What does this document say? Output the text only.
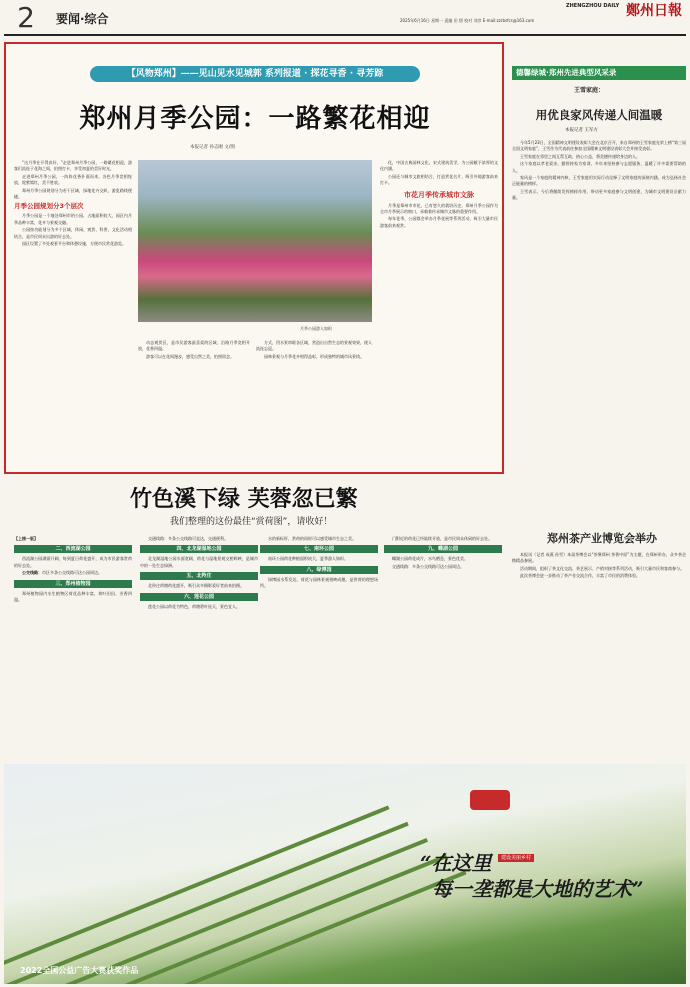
2	要闻·综合
ZHENGZHOU DAILY 鄭州日報
2025年6月16日 星期一 责编 田 甜 校对 刘彦 E-mail:zzrbsfcs@163.com
【风物郑州】——见山见水见城郭 系列报道 · 探花寻香 · 寻芳踪
郑州月季公园：一路繁花相迎
本报记者 孙志刚 文/图

“这月季在开得真好，”走进郑州月季公园，一路繁花相迎，游客们流连于花海之间，拍照打卡，享受初夏的美好时光。

走进郑州月季公园，一阵阵花香扑面而来，各色月季竞相绽放，姹紫嫣红，美不胜收。

郑州月季公园规划分为若干区域，绿地花卉交织，游览路线便捷。

月季公园规划分3个层次

月季公园是一个地处郑州市的公园，占地面积较大，园区内月季品种丰富，花卉与景观交融。

公园按功能划分为多个区域，休闲、观赏、科普、文化活动相结合，是市民周末出游的好去处。

园区设置了多处观景平台和休憩设施，方便市民赏花游览。

月季公园游人如织

动态观赏区，是市民游客最喜爱的区域，沿路月季竞相开放，花香四溢。

游客可以在花间漫步，感受自然之美，拍照留念。

方式，用水景串联各区域，营造出自然生态的景观效果，使人流连忘返。

园林景观与月季花卉相得益彰，形成独特的城市风景线。

化，中国古典园林文化、宋式建筑美学，为公园赋予浓厚的文化内涵。

公园还与城市文旅相结合，打造赏花名片，吸引外地游客前来打卡。

市花月季传承城市文脉

月季是郑州市市花，已有悠久的栽培历史。郑州月季公园作为全市月季展示的窗口，承载着传承城市文脉的重要作用。

每年花季，公园都会举办月季花展等系列活动，吸引大量市民游客前来观赏。

德馨绿城·郑州先进典型风采录
王雪家庭：
用优良家风传递人间温暖
本报记者 王军方

今年5月23日，全国精神文明建设表彰大会在北京召开，来自郑州的王雪家庭光荣上榜“第三届全国文明家庭”，王雪作为代表前往参加全国精神文明建设表彰大会并接受表彰。

王雪家庭在邻里之间互帮互助，热心公益，将美德传递给身边的人。

这个家庭以孝老爱亲、勤俭持家为家训，多年来坚持参与志愿服务，温暖了许多需要帮助的人。

家风是一个家庭的精神内核，王雪家庭用实际行动诠释了文明家庭的深刻内涵，成为弘扬社会正能量的榜样。

王雪表示，今后将继续发挥榜样作用，带动更多家庭参与文明创建，为城市文明建设贡献力量。

郑州茶产业博览会举办

本报讯（记者 成燕 孙雪）本届茶博会以“茶聚郑州 茶香中原”为主题，在郑州举办，众多茶企携精品参展。

活动期间，组织了茶文化交流、茶艺展示、产销对接等系列活动，吸引大量市民和客商参与。

此次茶博会进一步推动了茶产业交流合作，丰富了市民的消费体验。

竹色溪下绿 芙蓉忽已繁
我们整理的这份最佳“赏荷图”，请收好！

【上接一版】

二、西流湖公园

西流湖公园湖面开阔，每到夏日荷花盛开，成为市民游客赏荷的好去处。

公交线路：市区多条公交线路可达公园周边。

三、郑州植物园

郑州植物园内水生植物区荷花品种丰富，荷叶田田，芳香四溢。

交通线路：多条公交线路可直达，交通便利。

四、北龙湖湿地公园

北龙湖湿地公园水面宽阔，荷花与湿地景观交相辉映，是城市中的一处生态绿洲。

五、北羚庄

北羚庄荷塘荷花盛开，吸引众多摄影爱好者前来拍摄。

六、莲花公园

莲花公园以荷花为特色，荷塘碧叶连天，景色宜人。

水的新标杆，赏荷的同时可以感受城市生态之美。

七、南环公园

南环公园荷花种植面积较大，夏季游人如织。

八、绿博园

绿博园水系发达，荷花与园林景观相映成趣，是赏荷的理想场所。

门附近的荷花已经陆续开放，是市民周末休闲的好去处。

九、蝶湖公园

蝶湖公园荷花成片，水鸟栖息，景色优美。

交通线路：多条公交线路可达公园周边。

“在这里	建设美丽乡村
每一垄都是大地的艺术”
2022全国公益广告大赛获奖作品
